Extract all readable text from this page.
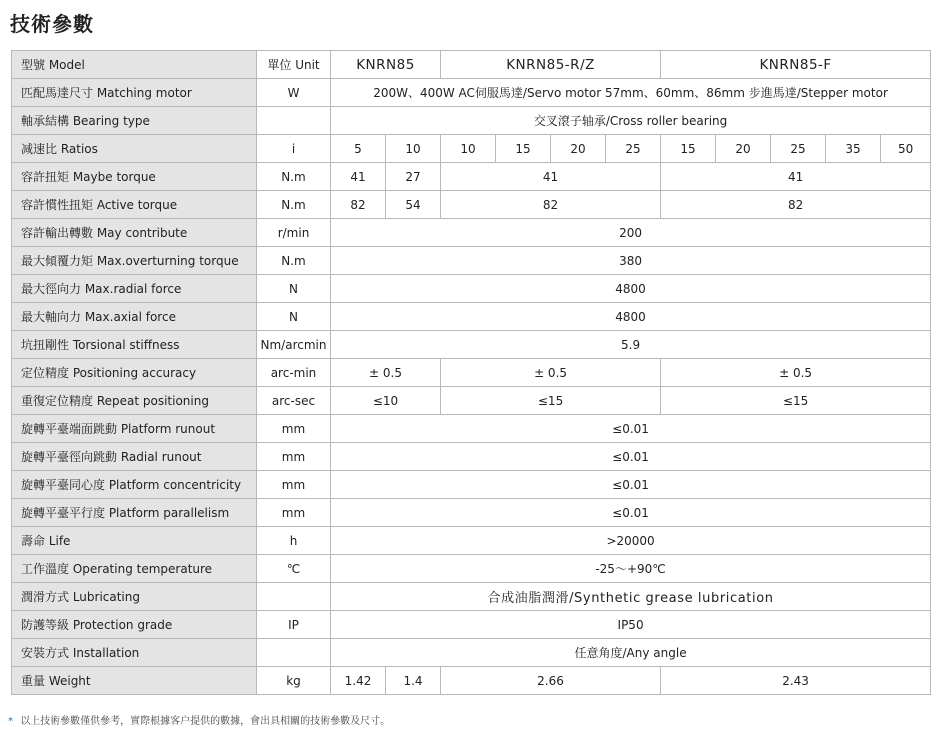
技術參數
型號 Model	單位 Unit	KNRN85		KNRN85-R/Z				KNRN85-F				
匹配馬達尺寸 Matching motor	W	200W、400W AC伺服馬達/Servo motor 57mm、60mm、86mm 步進馬達/Stepper motor										
軸承結構 Bearing type		交叉滾子轴承/Cross roller bearing										
减速比 Ratios	i	5	10	10	15	20	25	15	20	25	35	50
容許扭矩 Maybe torque	N.m	41	27	41				41				
容許慣性扭矩 Active torque	N.m	82	54	82				82				
容許輸出轉數 May contribute	r/min	200										
最大傾覆力矩 Max.overturning torque	N.m	380										
最大徑向力 Max.radial force	N	4800										
最大軸向力 Max.axial force	N	4800										
坑扭剛性 Torsional stiffness	Nm/arcmin	5.9										
定位精度 Positioning accuracy	arc-min	± 0.5		± 0.5				± 0.5				
重復定位精度 Repeat positioning	arc-sec	≤10		≤15				≤15				
旋轉平臺端面跳動 Platform runout	mm	≤0.01										
旋轉平臺徑向跳動 Radial runout	mm	≤0.01										
旋轉平臺同心度 Platform concentricity	mm	≤0.01										
旋轉平臺平行度 Platform parallelism	mm	≤0.01										
壽命 Life	h	>20000										
工作溫度 Operating temperature	℃	-25～+90℃										
潤滑方式 Lubricating		合成油脂潤滑/Synthetic grease lubrication										
防護等級 Protection grade	IP	IP50										
安裝方式 Installation		任意角度/Any angle										
重量 Weight	kg	1.42	1.4	2.66				2.43				
* 以上技術參數僅供參考，實際根據客户提供的數據，會出具相關的技術參數及尺寸。
